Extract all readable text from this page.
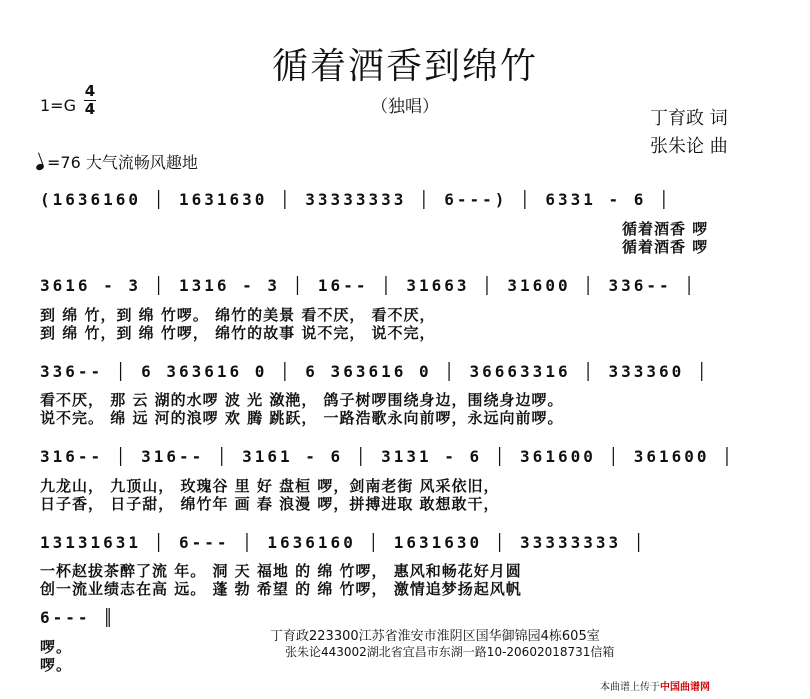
循着酒香到绵竹
（独唱）
1=G
4
4	丁育政 词
张朱论 曲
=76 大气流畅风趣地
(1636160 │ 1631630 │ 33333333 │ 6---) │ 6331 - 6 │
循着酒香 啰
循着酒香 啰
3616 - 3 │ 1316 - 3 │ 16-- │ 31663 │ 31600 │ 336-- │
到 绵 竹，到 绵 竹啰。 绵竹的美景 看不厌， 看不厌，
到 绵 竹，到 绵 竹啰， 绵竹的故事 说不完， 说不完，
336-- │ 6 363616 0 │ 6 363616 0 │ 36663316 │ 333360 │
看不厌， 那 云 湖的水啰 波 光 潋滟， 鸽子树啰围绕身边，围绕身边啰。
说不完。 绵 远 河的浪啰 欢 腾 跳跃， 一路浩歌永向前啰，永远向前啰。
316-- │ 316-- │ 3161 - 6 │ 3131 - 6 │ 361600 │ 361600 │
九龙山， 九顶山， 玫瑰谷 里 好 盘桓 啰，剑南老街 风采依旧，
日子香， 日子甜， 绵竹年 画 春 浪漫 啰，拼搏进取 敢想敢干，
13131631 │ 6--- │ 1636160 │ 1631630 │ 33333333 │
一杯赵拔茶醉了流 年。 洞 天 福地 的 绵 竹啰， 惠风和畅花好月圆
创一流业绩志在高 远。 蓬 勃 希望 的 绵 竹啰， 激情追梦扬起风帆
6--- ║
啰。
啰。
丁育政223300江苏省淮安市淮阴区国华御锦园4栋605室
张朱论443002湖北省宜昌市东湖一路10-20602018731信箱
本曲谱上传于中国曲谱网
